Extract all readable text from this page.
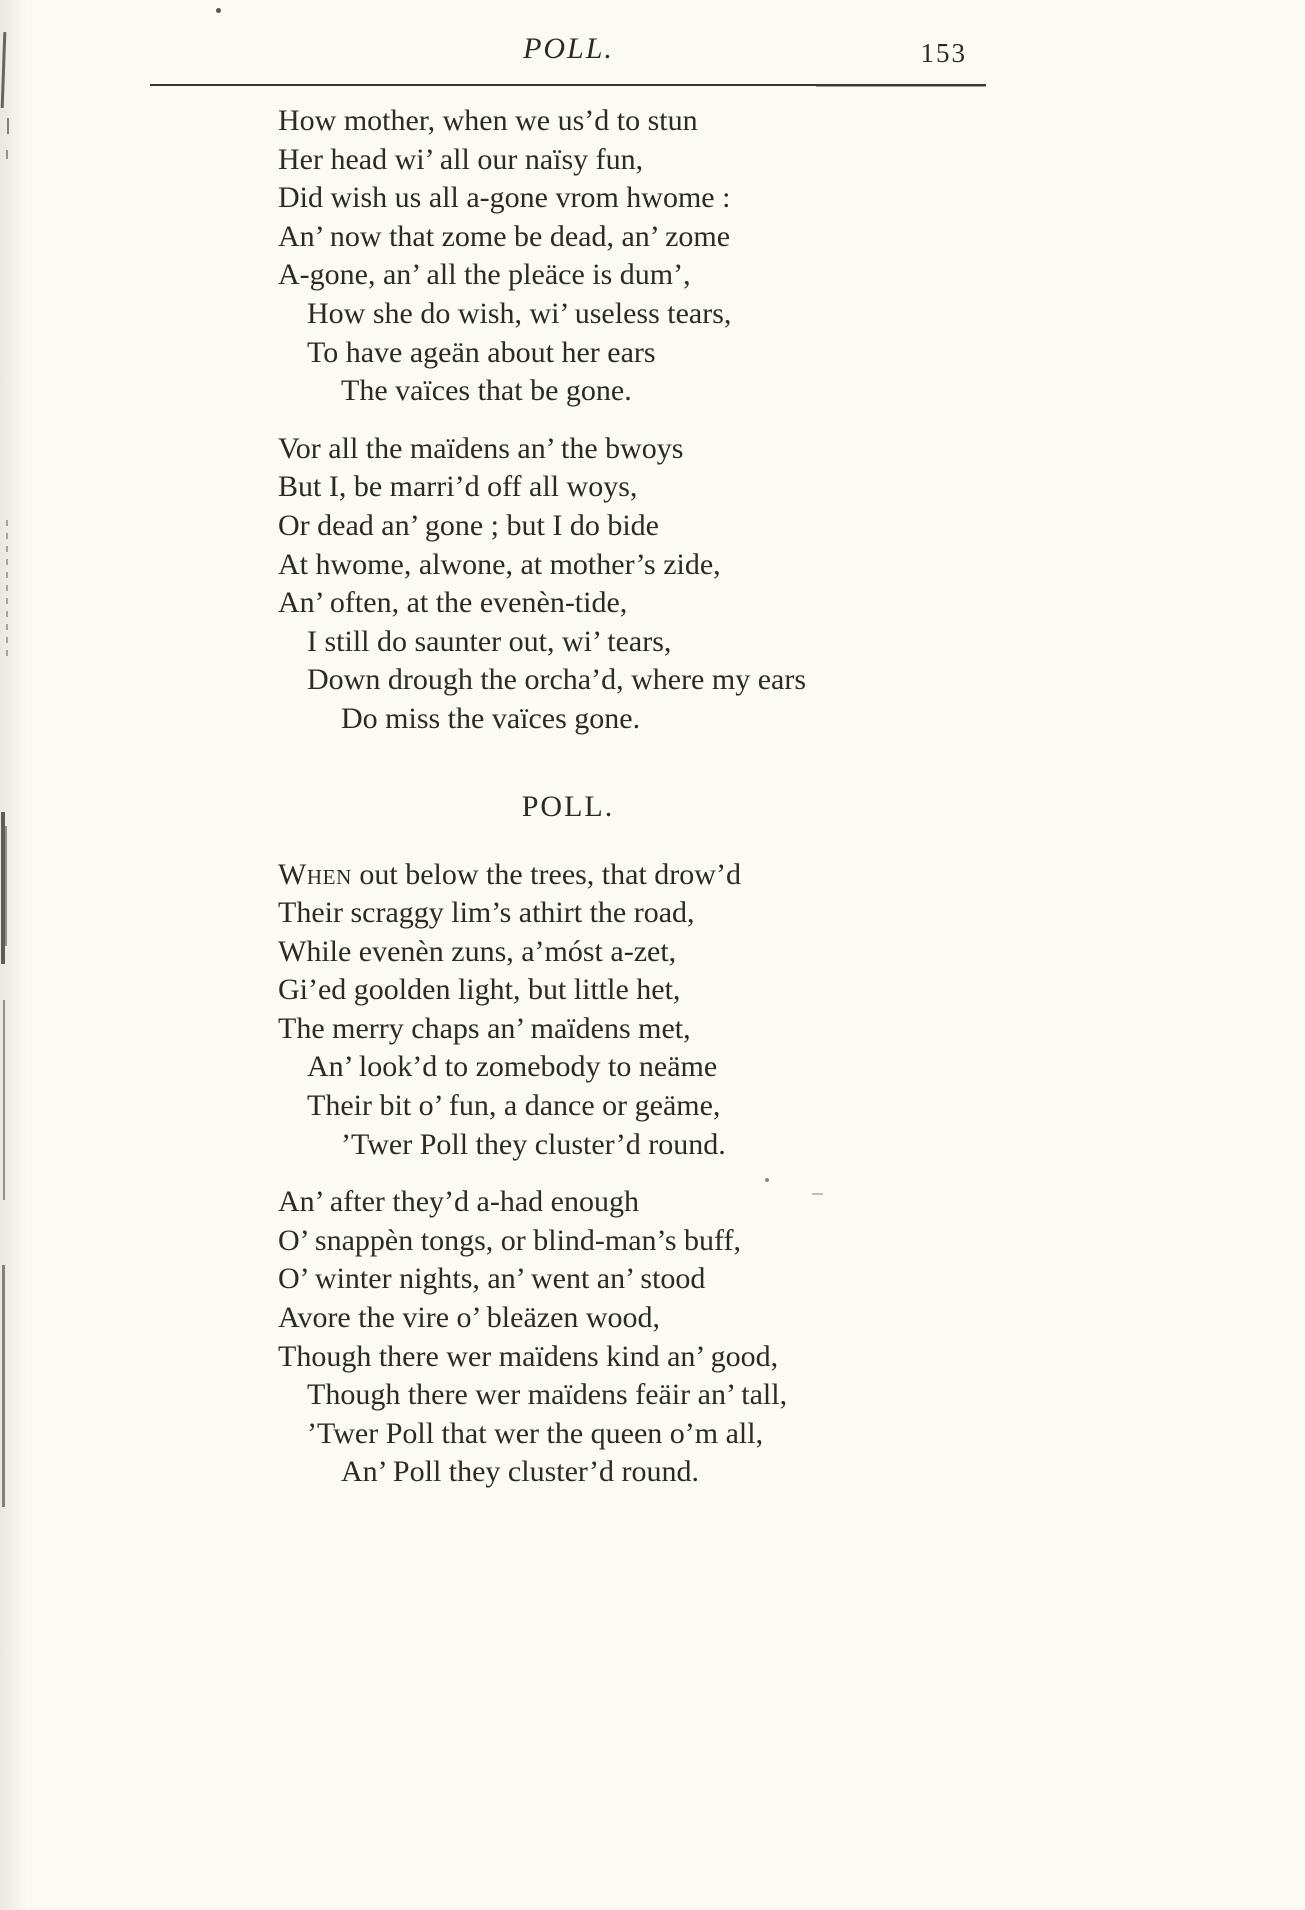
POLL.	153
How mother, when we us’d to stun
Her head wi’ all our naïsy fun,
Did wish us all a-gone vrom hwome :
An’ now that zome be dead, an’ zome
A-gone, an’ all the pleäce is dum’,
How she do wish, wi’ useless tears,
To have ageän about her ears
The vaïces that be gone.
Vor all the maïdens an’ the bwoys
But I, be marri’d off all woys,
Or dead an’ gone ; but I do bide
At hwome, alwone, at mother’s zide,
An’ often, at the evenèn-tide,
I still do saunter out, wi’ tears,
Down drough the orcha’d, where my ears
Do miss the vaïces gone.
POLL.
When out below the trees, that drow’d
Their scraggy lim’s athirt the road,
While evenèn zuns, a’móst a-zet,
Gi’ed goolden light, but little het,
The merry chaps an’ maïdens met,
An’ look’d to zomebody to neäme
Their bit o’ fun, a dance or geäme,
’Twer Poll they cluster’d round.
An’ after they’d a-had enough
O’ snappèn tongs, or blind-man’s buff,
O’ winter nights, an’ went an’ stood
Avore the vire o’ bleäzen wood,
Though there wer maïdens kind an’ good,
Though there wer maïdens feäir an’ tall,
’Twer Poll that wer the queen o’m all,
An’ Poll they cluster’d round.
